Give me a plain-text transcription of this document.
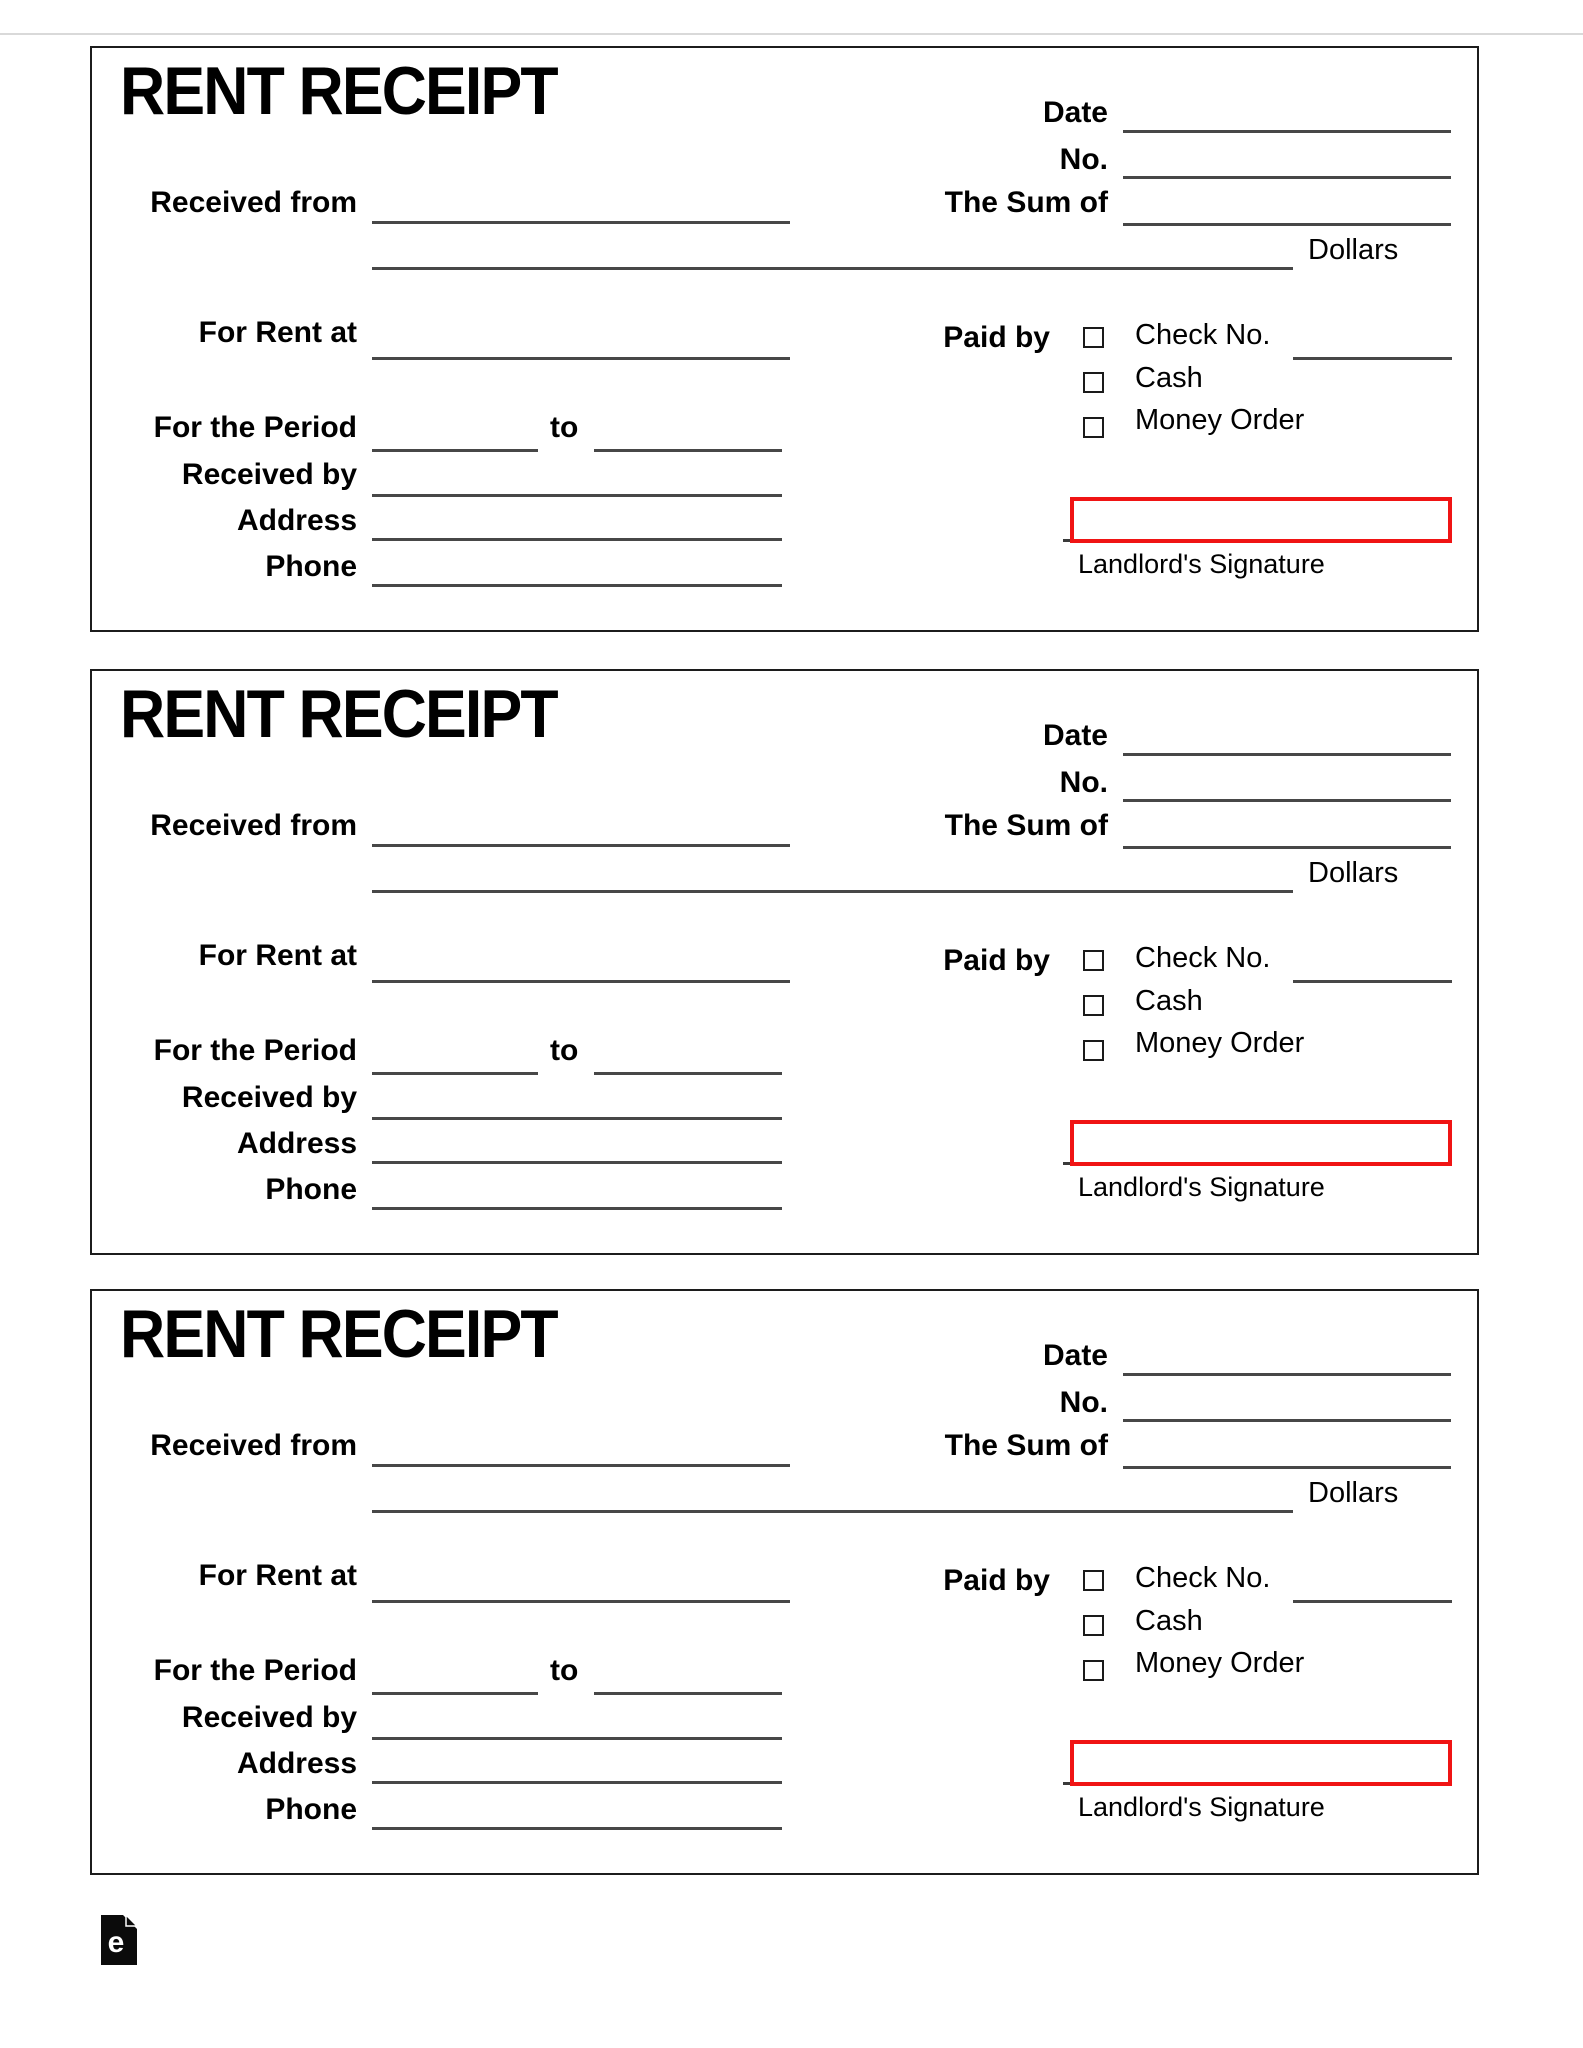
RENT RECEIPT	Date
No.
The Sum of
Received from
Dollars
For Rent at	Paid by	Check No.
Cash
Money Order
For the Period	to
Received by
Address
Phone	Landlord's Signature
RENT RECEIPT	Date
No.
The Sum of
Received from
Dollars
For Rent at	Paid by	Check No.
Cash
Money Order
For the Period	to
Received by
Address
Phone	Landlord's Signature
RENT RECEIPT	Date
No.
The Sum of
Received from
Dollars
For Rent at	Paid by	Check No.
Cash
Money Order
For the Period	to
Received by
Address
Phone	Landlord's Signature
e
